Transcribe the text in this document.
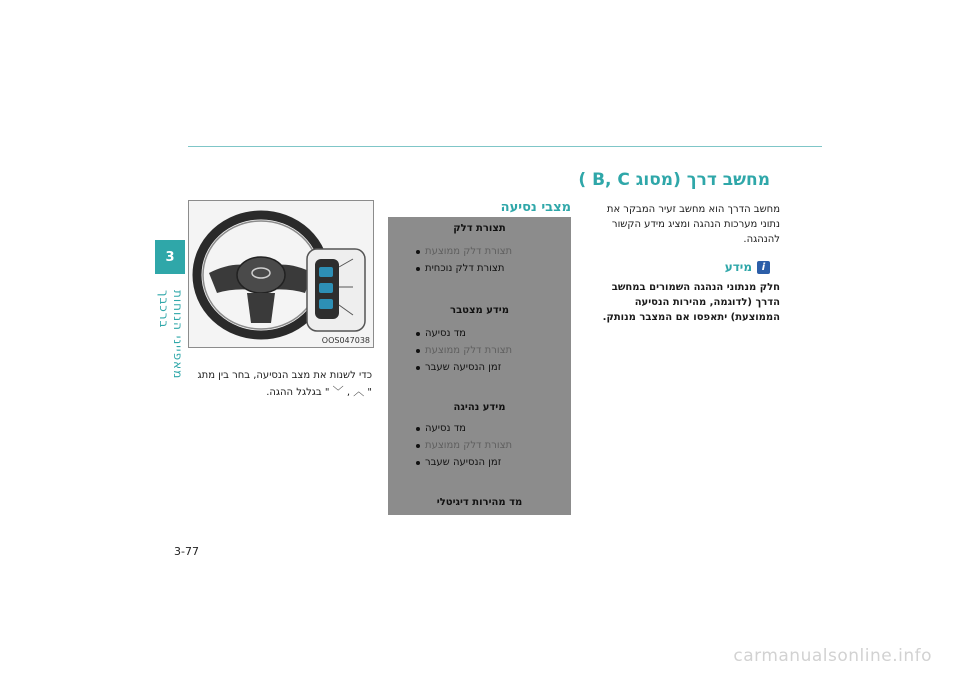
3
מאפייני הנוחות ברכבך
מחשב דרך (מסוג B, C )
מחשב הדרך הוא מחשב זעיר המבקר את נתוני מערכות הנהגה ומציג מידע הקשור להנהגה.
i
מידע
חלק מנתוני הנהגה השמורים במחשב הדרך (לדוגמה, מהירות הנסיעה הממוצעת) יתאפסו אם המצבר מנותק.
מצבי נסיעה
תצורת דלק
תצורת דלק ממוצעת
תצורת דלק נוכחית
מידע מצטבר
מד נסיעה
תצורת דלק ממוצעת
זמן הנסיעה שעבר
מידע נהיגה
מד נסיעה
תצורת דלק ממוצעת
זמן הנסיעה שעבר
מד מהירות דיגיטלי
OOS047038
כדי לשנות את מצב הנסיעה, בחר בין מתג
" ︿ , ﹀ " בגלגל ההגה.
3-77
carmanualsonline.info
